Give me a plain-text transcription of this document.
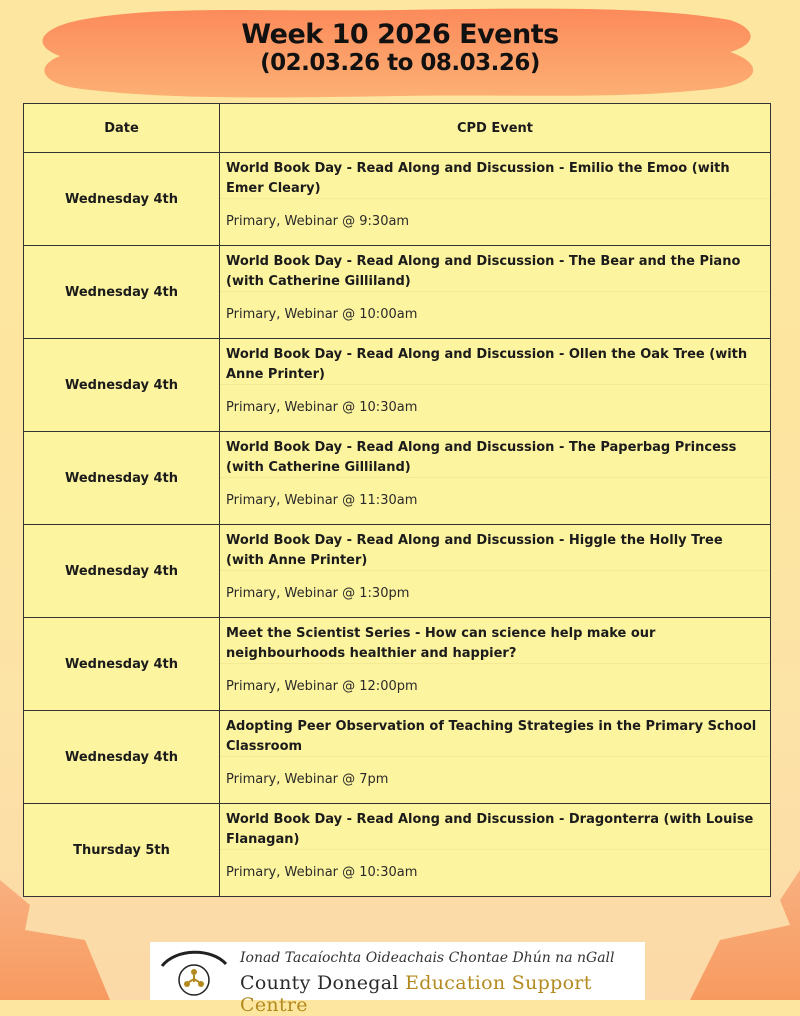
Week 10 2026 Events
(02.03.26 to 08.03.26)
Date	CPD Event
Wednesday 4th	World Book Day - Read Along and Discussion - Emilio the Emoo (with Emer Cleary)
Primary, Webinar @ 9:30am

Wednesday 4th	World Book Day - Read Along and Discussion - The Bear and the Piano (with Catherine Gilliland)
Primary, Webinar @ 10:00am

Wednesday 4th	World Book Day - Read Along and Discussion - Ollen the Oak Tree (with Anne Printer)
Primary, Webinar @ 10:30am

Wednesday 4th	World Book Day - Read Along and Discussion - The Paperbag Princess (with Catherine Gilliland)
Primary, Webinar @ 11:30am

Wednesday 4th	World Book Day - Read Along and Discussion - Higgle the Holly Tree (with Anne Printer)
Primary, Webinar @ 1:30pm

Wednesday 4th	Meet the Scientist Series - How can science help make our neighbourhoods healthier and happier?
Primary, Webinar @ 12:00pm

Wednesday 4th	Adopting Peer Observation of Teaching Strategies in the Primary School Classroom
Primary, Webinar @ 7pm

Thursday 5th	World Book Day - Read Along and Discussion - Dragonterra (with Louise Flanagan)
Primary, Webinar @ 10:30am
Ionad Tacaíochta Oideachais Chontae Dhún na nGall
County Donegal Education Support Centre
